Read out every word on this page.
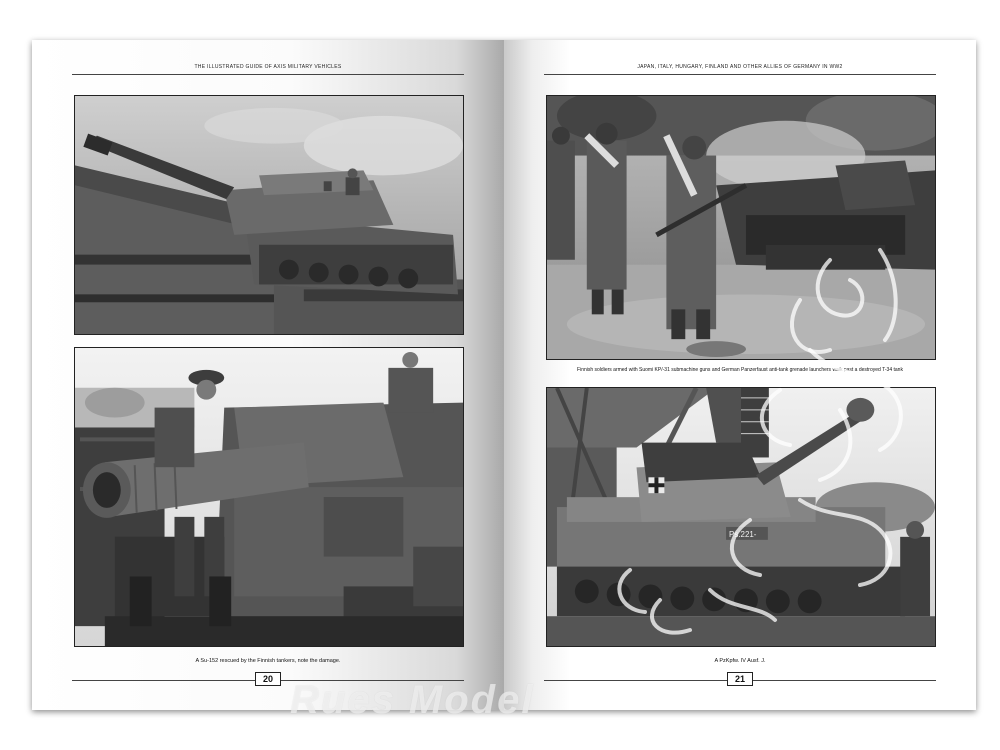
THE ILLUSTRATED GUIDE OF AXIS MILITARY VEHICLES
A Su-152 rescued by the Finnish tankers, note the damage.
20
JAPAN, ITALY, HUNGARY, FINLAND AND OTHER ALLIES OF GERMANY IN WW2
Finnish soldiers armed with Suomi KP/-31 submachine guns and German Panzerfaust anti-tank grenade launchers walk past a destroyed T-34 tank
Ps.221-
A PzKpfw. IV Ausf. J.
21
Rues Model
